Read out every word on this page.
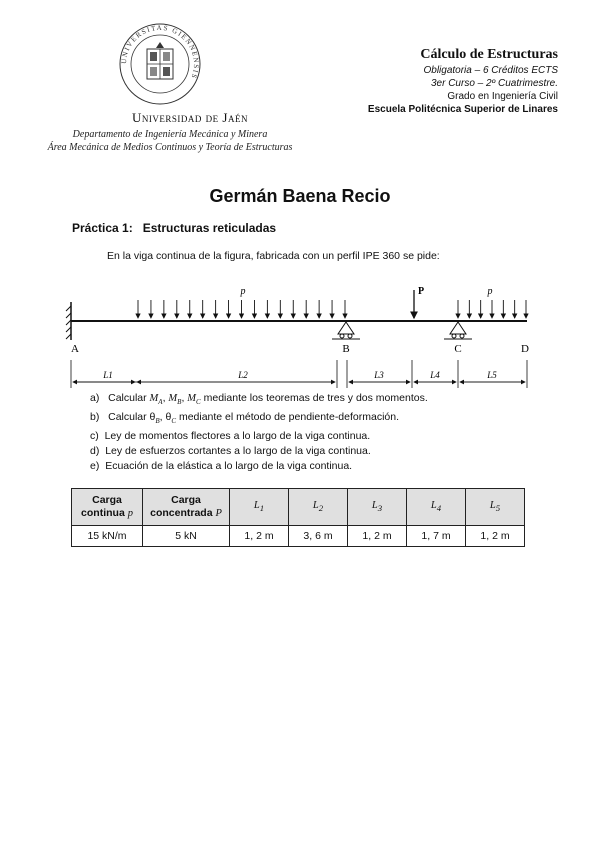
UNIVERSITAS GIENNENSIS
Universidad de Jaén
Departamento de Ingeniería Mecánica y Minera
Área Mecánica de Medios Continuos y Teoría de Estructuras
Cálculo de Estructuras
Obligatoria – 6 Créditos ECTS
3er Curso – 2º Cuatrimestre.
Grado en Ingeniería Civil
Escuela Politécnica Superior de Linares
Germán Baena Recio
Práctica 1: Estructuras reticuladas
En la viga continua de la figura, fabricada con un perfil IPE 360 se pide:
p	p
P
A	B	C	D
L1	L2	L3	L4	L5
a) Calcular $M_A$, $M_B$, $M_C$ mediante los teoremas de tres y dos momentos.
b) Calcular $\theta_B$, $\theta_C$ mediante el método de pendiente-deformación.
c) Ley de momentos flectores a lo largo de la viga continua.
d) Ley de esfuerzos cortantes a lo largo de la viga continua.
e) Ecuación de la elástica a lo largo de la viga continua.
Carga
continua p	Carga
concentrada P	$L_1$	$L_2$	$L_3$	$L_4$	$L_5$
15 kN/m	5 kN	1, 2 m	3, 6 m	1, 2 m	1, 7 m	1, 2 m
